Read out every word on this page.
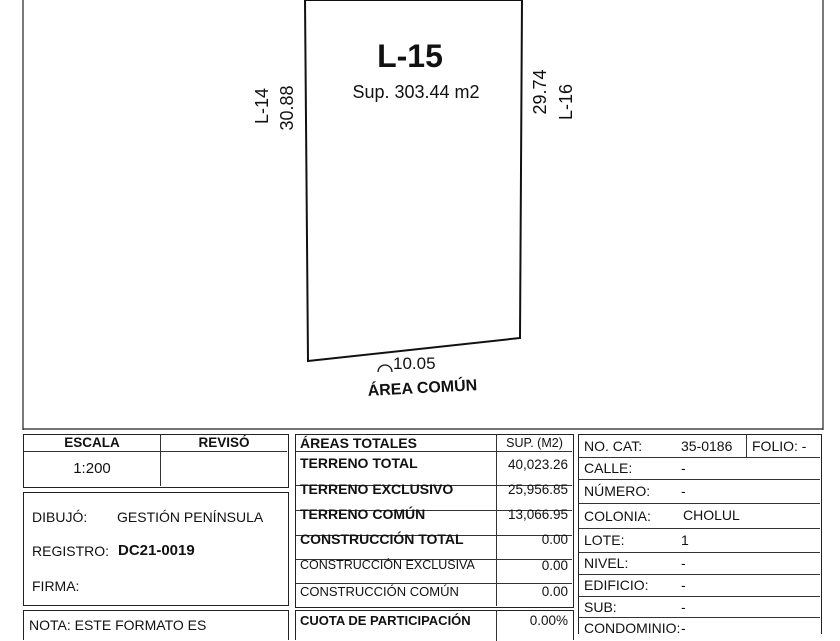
L-15
Sup. 303.44 m2
L-14 30.88	29.74 L-16
10.05
ÁREA COMÚN
ESCALA	REVISÓ
1:200
DIBUJÓ: GESTIÓN PENÍNSULA
REGISTRO: DC21-0019
FIRMA:
NOTA: ESTE FORMATO ES
ÁREAS TOTALES	SUP. (M2)
TERRENO TOTAL	40,023.26
TERRENO EXCLUSIVO	25,956.85
TERRENO COMÚN	13,066.95
CONSTRUCCIÓN TOTAL	0.00
CONSTRUCCIÓN EXCLUSIVA	0.00
CONSTRUCCIÓN COMÚN	0.00
CUOTA DE PARTICIPACIÓN	0.00%
NO. CAT:	35-0186 FOLIO: -
CALLE:	-
NÚMERO: -
COLONIA: CHOLUL
LOTE:	1
NIVEL:	-
EDIFICIO: -
SUB:	-
CONDOMINIO: -
